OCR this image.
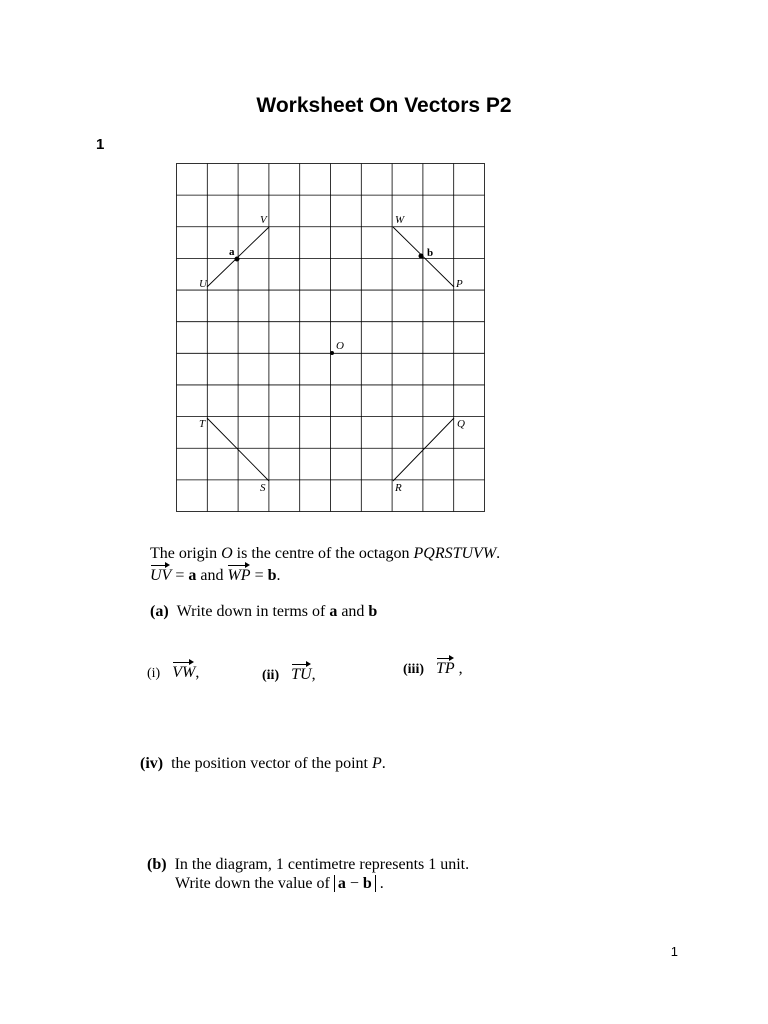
Worksheet On Vectors P2
1
V	W
U	P
T	Q
S	R
O
a	b
The origin O is the centre of the octagon PQRSTUVW.
UV = a and WP = b.
(a) Write down in terms of a and b
(i) VW,	(ii) TU,	(iii) TP ,
(iv) the position vector of the point P.
(b) In the diagram, 1 centimetre represents 1 unit.
Write down the value of a − b .
1
